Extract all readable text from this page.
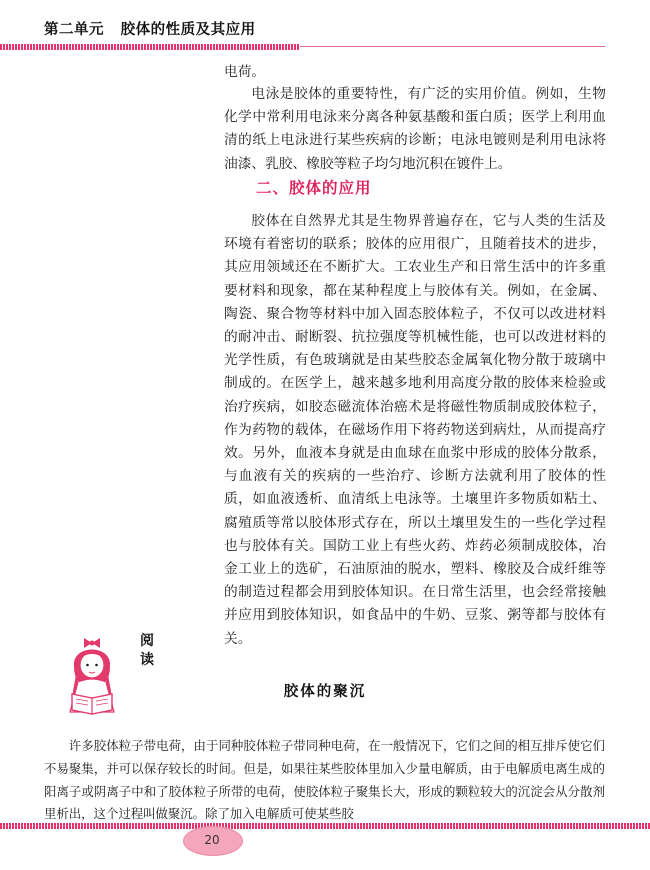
第二单元   胶体的性质及其应用

电荷。

电泳是胶体的重要特性，有广泛的实用价值。例如，生物化学中常利用电泳来分离各种氨基酸和蛋白质；医学上利用血清的纸上电泳进行某些疾病的诊断；电泳电镀则是利用电泳将油漆、乳胶、橡胶等粒子均匀地沉积在镀件上。

二、胶体的应用

胶体在自然界尤其是生物界普遍存在，它与人类的生活及环境有着密切的联系；胶体的应用很广，且随着技术的进步，其应用领域还在不断扩大。工农业生产和日常生活中的许多重要材料和现象，都在某种程度上与胶体有关。例如，在金属、陶瓷、聚合物等材料中加入固态胶体粒子，不仅可以改进材料的耐冲击、耐断裂、抗拉强度等机械性能，也可以改进材料的光学性质，有色玻璃就是由某些胶态金属氧化物分散于玻璃中制成的。在医学上，越来越多地利用高度分散的胶体来检验或治疗疾病，如胶态磁流体治癌术是将磁性物质制成胶体粒子，作为药物的载体，在磁场作用下将药物送到病灶，从而提高疗效。另外，血液本身就是由血球在血浆中形成的胶体分散系，与血液有关的疾病的一些治疗、诊断方法就利用了胶体的性质，如血液透析、血清纸上电泳等。土壤里许多物质如粘土、腐殖质等常以胶体形式存在，所以土壤里发生的一些化学过程也与胶体有关。国防工业上有些火药、炸药必须制成胶体，冶金工业上的选矿，石油原油的脱水，塑料、橡胶及合成纤维等的制造过程都会用到胶体知识。在日常生活里，也会经常接触并应用到胶体知识，如食品中的牛奶、豆浆、粥等都与胶体有关。

阅
读
胶体的聚沉

许多胶体粒子带电荷，由于同种胶体粒子带同种电荷，在一般情况下，它们之间的相互排斥使它们不易聚集，并可以保存较长的时间。但是，如果往某些胶体里加入少量电解质，由于电解质电离生成的阳离子或阴离子中和了胶体粒子所带的电荷，使胶体粒子聚集长大，形成的颗粒较大的沉淀会从分散剂里析出，这个过程叫做聚沉。除了加入电解质可使某些胶

20
